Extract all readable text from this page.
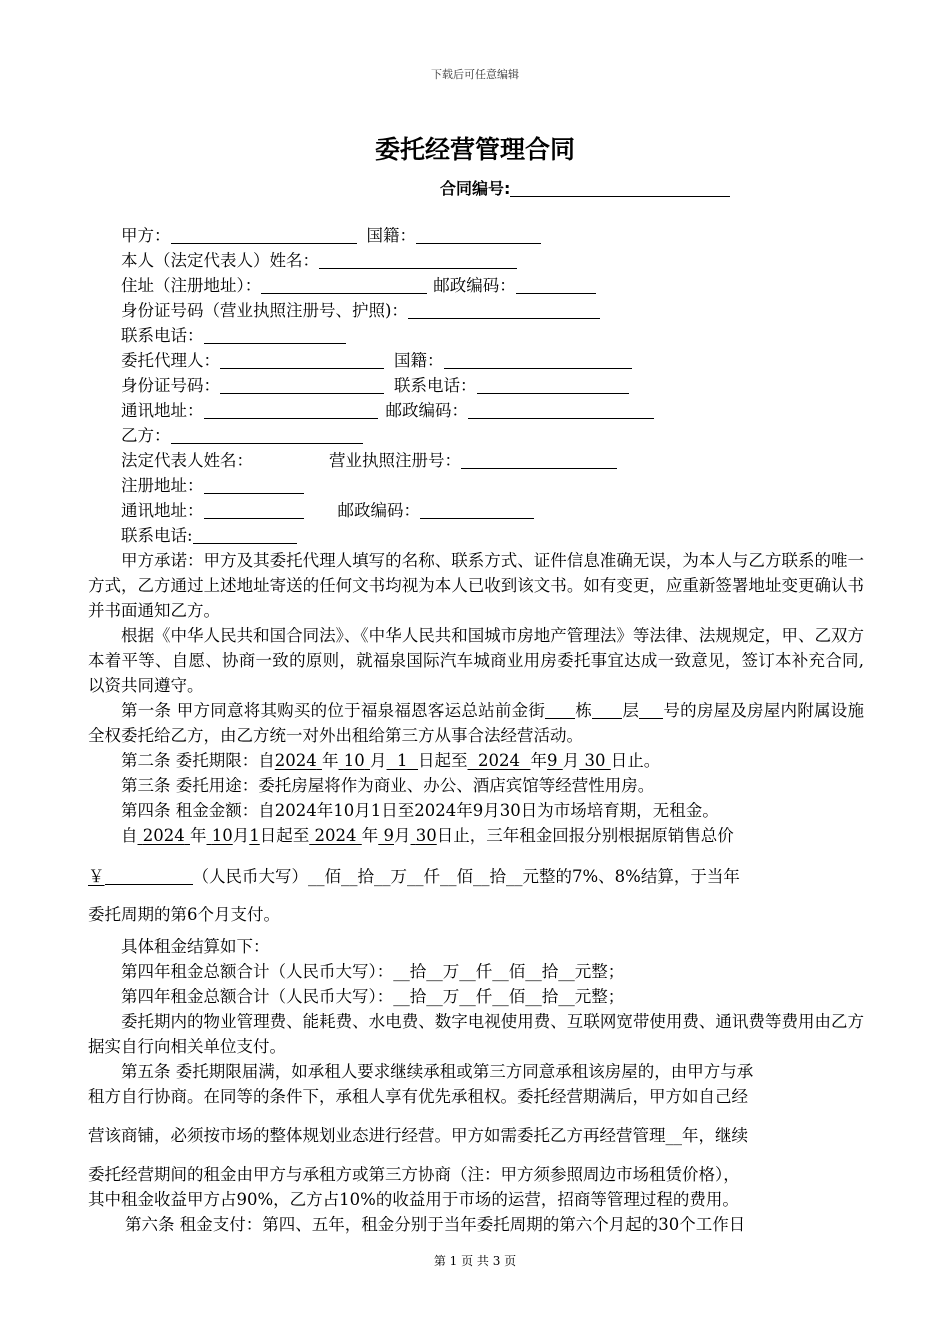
下载后可任意编辑
委托经营管理合同
合同编号:
甲方：	国籍：
本人（法定代表人）姓名：
住址（注册地址）：	邮政编码：
身份证号码（营业执照注册号、护照)：
联系电话：
委托代理人：	国籍：
身份证号码：	联系电话：
通讯地址：	邮政编码：
乙方：
法定代表人姓名：	营业执照注册号：
注册地址：
通讯地址：	邮政编码：
联系电话:
甲方承诺：甲方及其委托代理人填写的名称、联系方式、证件信息准确无误，为本人与乙方联系的唯一方式，乙方通过上述地址寄送的任何文书均视为本人已收到该文书。如有变更，应重新签署地址变更确认书并书面通知乙方。
根据《中华人民共和国合同法》、《中华人民共和国城市房地产管理法》等法律、法规规定，甲、乙双方本着平等、自愿、协商一致的原则，就福泉国际汽车城商业用房委托事宜达成一致意见，签订本补充合同,以资共同遵守。
第一条 甲方同意将其购买的位于福泉福恩客运总站前金街 栋 层 号的房屋及房屋内附属设施全权委托给乙方，由乙方统一对外出租给第三方从事合法经营活动。
第二条 委托期限：自2024 年 10 月 1 日起至 2024 年9 月 30 日止。
第三条 委托用途：委托房屋将作为商业、办公、酒店宾馆等经营性用房。
第四条 租金金额：自2024年10月1日至2024年9月30日为市场培育期，无租金。
自 2024 年 10月1日起至 2024 年 9月 30日止，三年租金回报分别根据原销售总价
￥	（人民币大写）__佰__拾__万__仟__佰__拾__元整的7%、8%结算，于当年
委托周期的第6个月支付。
具体租金结算如下：
第四年租金总额合计（人民币大写）：__拾__万__仟__佰__拾__元整；
第四年租金总额合计（人民币大写）：__拾__万__仟__佰__拾__元整；
委托期内的物业管理费、能耗费、水电费、数字电视使用费、互联网宽带使用费、通讯费等费用由乙方据实自行向相关单位支付。
第五条 委托期限届满，如承租人要求继续承租或第三方同意承租该房屋的，由甲方与承
租方自行协商。在同等的条件下，承租人享有优先承租权。委托经营期满后，甲方如自己经
营该商铺，必须按市场的整体规划业态进行经营。甲方如需委托乙方再经营管理__年，继续
委托经营期间的租金由甲方与承租方或第三方协商（注：甲方须参照周边市场租赁价格），
其中租金收益甲方占90%，乙方占10%的收益用于市场的运营，招商等管理过程的费用。
第六条 租金支付：第四、五年，租金分别于当年委托周期的第六个月起的30个工作日
第 1 页 共 3 页
